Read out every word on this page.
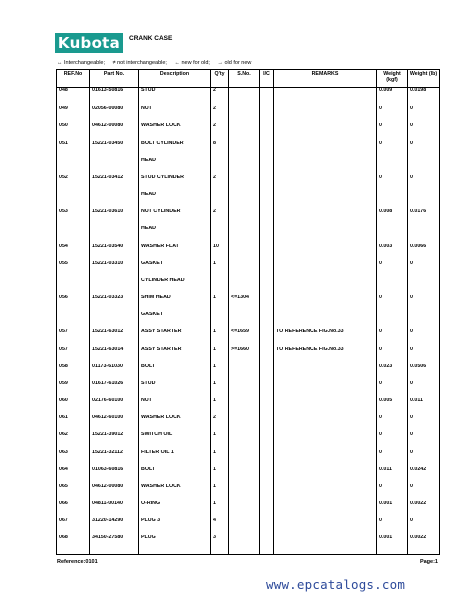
Kubota	CRANK CASE
↔ Interchangeable; ≠ not interchangeable; ← new for old; → old for new
REF.No	Part No.	Description	Q'ty	S.No.	I/C	REMARKS	Weight (kgf)	Weight (lb)
048	01613-50816	STUD	2				0.009	0.0198
049	02056-00080	NUT	2				0	0
050	04612-00080	WASHER LOCK	2				0	0
051	15221-03450	BOLT CYLINDER	8				0	0
		HEAD						
052	15221-03412	STUD CYLINDER	2				0	0
		HEAD						
053	15221-03610	NUT CYLINDER	2				0.008	0.0176
		HEAD						
054	15221-03540	WASHER FLAT	10				0.003	0.0066
055	15221-03310	GASKET	1				0	0
		CYLINDER HEAD						
056	15221-03323	SHIM HEAD	1	<=1304			0	0
		GASKET						
057	15221-63012	ASSY STARTER	1	<=1659		TO REFERENCE FIG.No.33	0	0
057	15221-63014	ASSY STARTER	1	>=1660		TO REFERENCE FIG.No.33	0	0
058	01173-61030	BOLT	1				0.023	0.0506
059	01617-61026	STUD	1				0	0
060	02176-60100	NUT	1				0.005	0.011
061	04612-60100	WASHER LOCK	2				0	0
062	15221-39012	SWITCH OIL	1				0	0
063	15221-32112	FILTER OIL 1	1				0	0
064	01063-60816	BOLT	1				0.011	0.0242
065	04612-00080	WASHER LOCK	1				0	0
066	04811-00140	O-RING	1				0.001	0.0022
067	31220-14290	PLUG 3	4				0	0
068	34150-27580	PLUG	3				0.001	0.0022

Reference:0101	Page:1
www.epcatalogs.com
